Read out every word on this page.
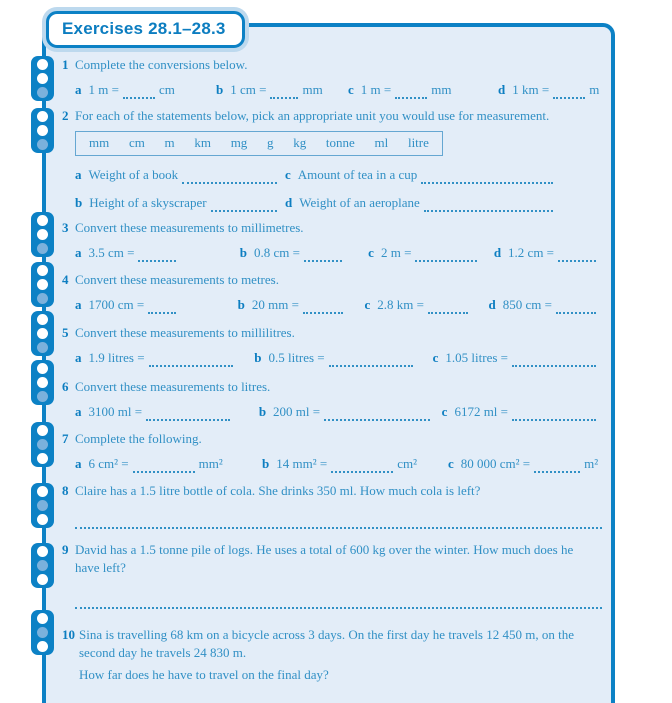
Exercises 28.1–28.3
1 Complete the conversions below.
a 1 m =	cm	b 1 cm =	mm c 1 m =	mm	d 1 km =	m
2 For each of the statements below, pick an appropriate unit you would use for measurement.
mm cm m km mg g kg tonne ml litre
a Weight of a book	c Amount of tea in a cup
b Height of a skyscraper	d Weight of an aeroplane
3 Convert these measurements to millimetres.
a 3.5 cm =	b 0.8 cm =	c 2 m =	d 1.2 cm =
4 Convert these measurements to metres.
a 1700 cm =	b 20 mm =	c 2.8 km =	d 850 cm =
5 Convert these measurements to millilitres.
a 1.9 litres =	b 0.5 litres =	c 1.05 litres =
6 Convert these measurements to litres.
a 3100 ml =	b 200 ml =	c 6172 ml =
7 Complete the following.
a 6 cm² =	mm²	b 14 mm² =	cm² c 80 000 cm² =	m²
8 Claire has a 1.5 litre bottle of cola. She drinks 350 ml. How much cola is left?
9 David has a 1.5 tonne pile of logs. He uses a total of 600 kg over the winter. How much does he have left?
10 Sina is travelling 68 km on a bicycle across 3 days. On the first day he travels 12 450 m, on the second day he travels 24 830 m.
How far does he have to travel on the final day?
